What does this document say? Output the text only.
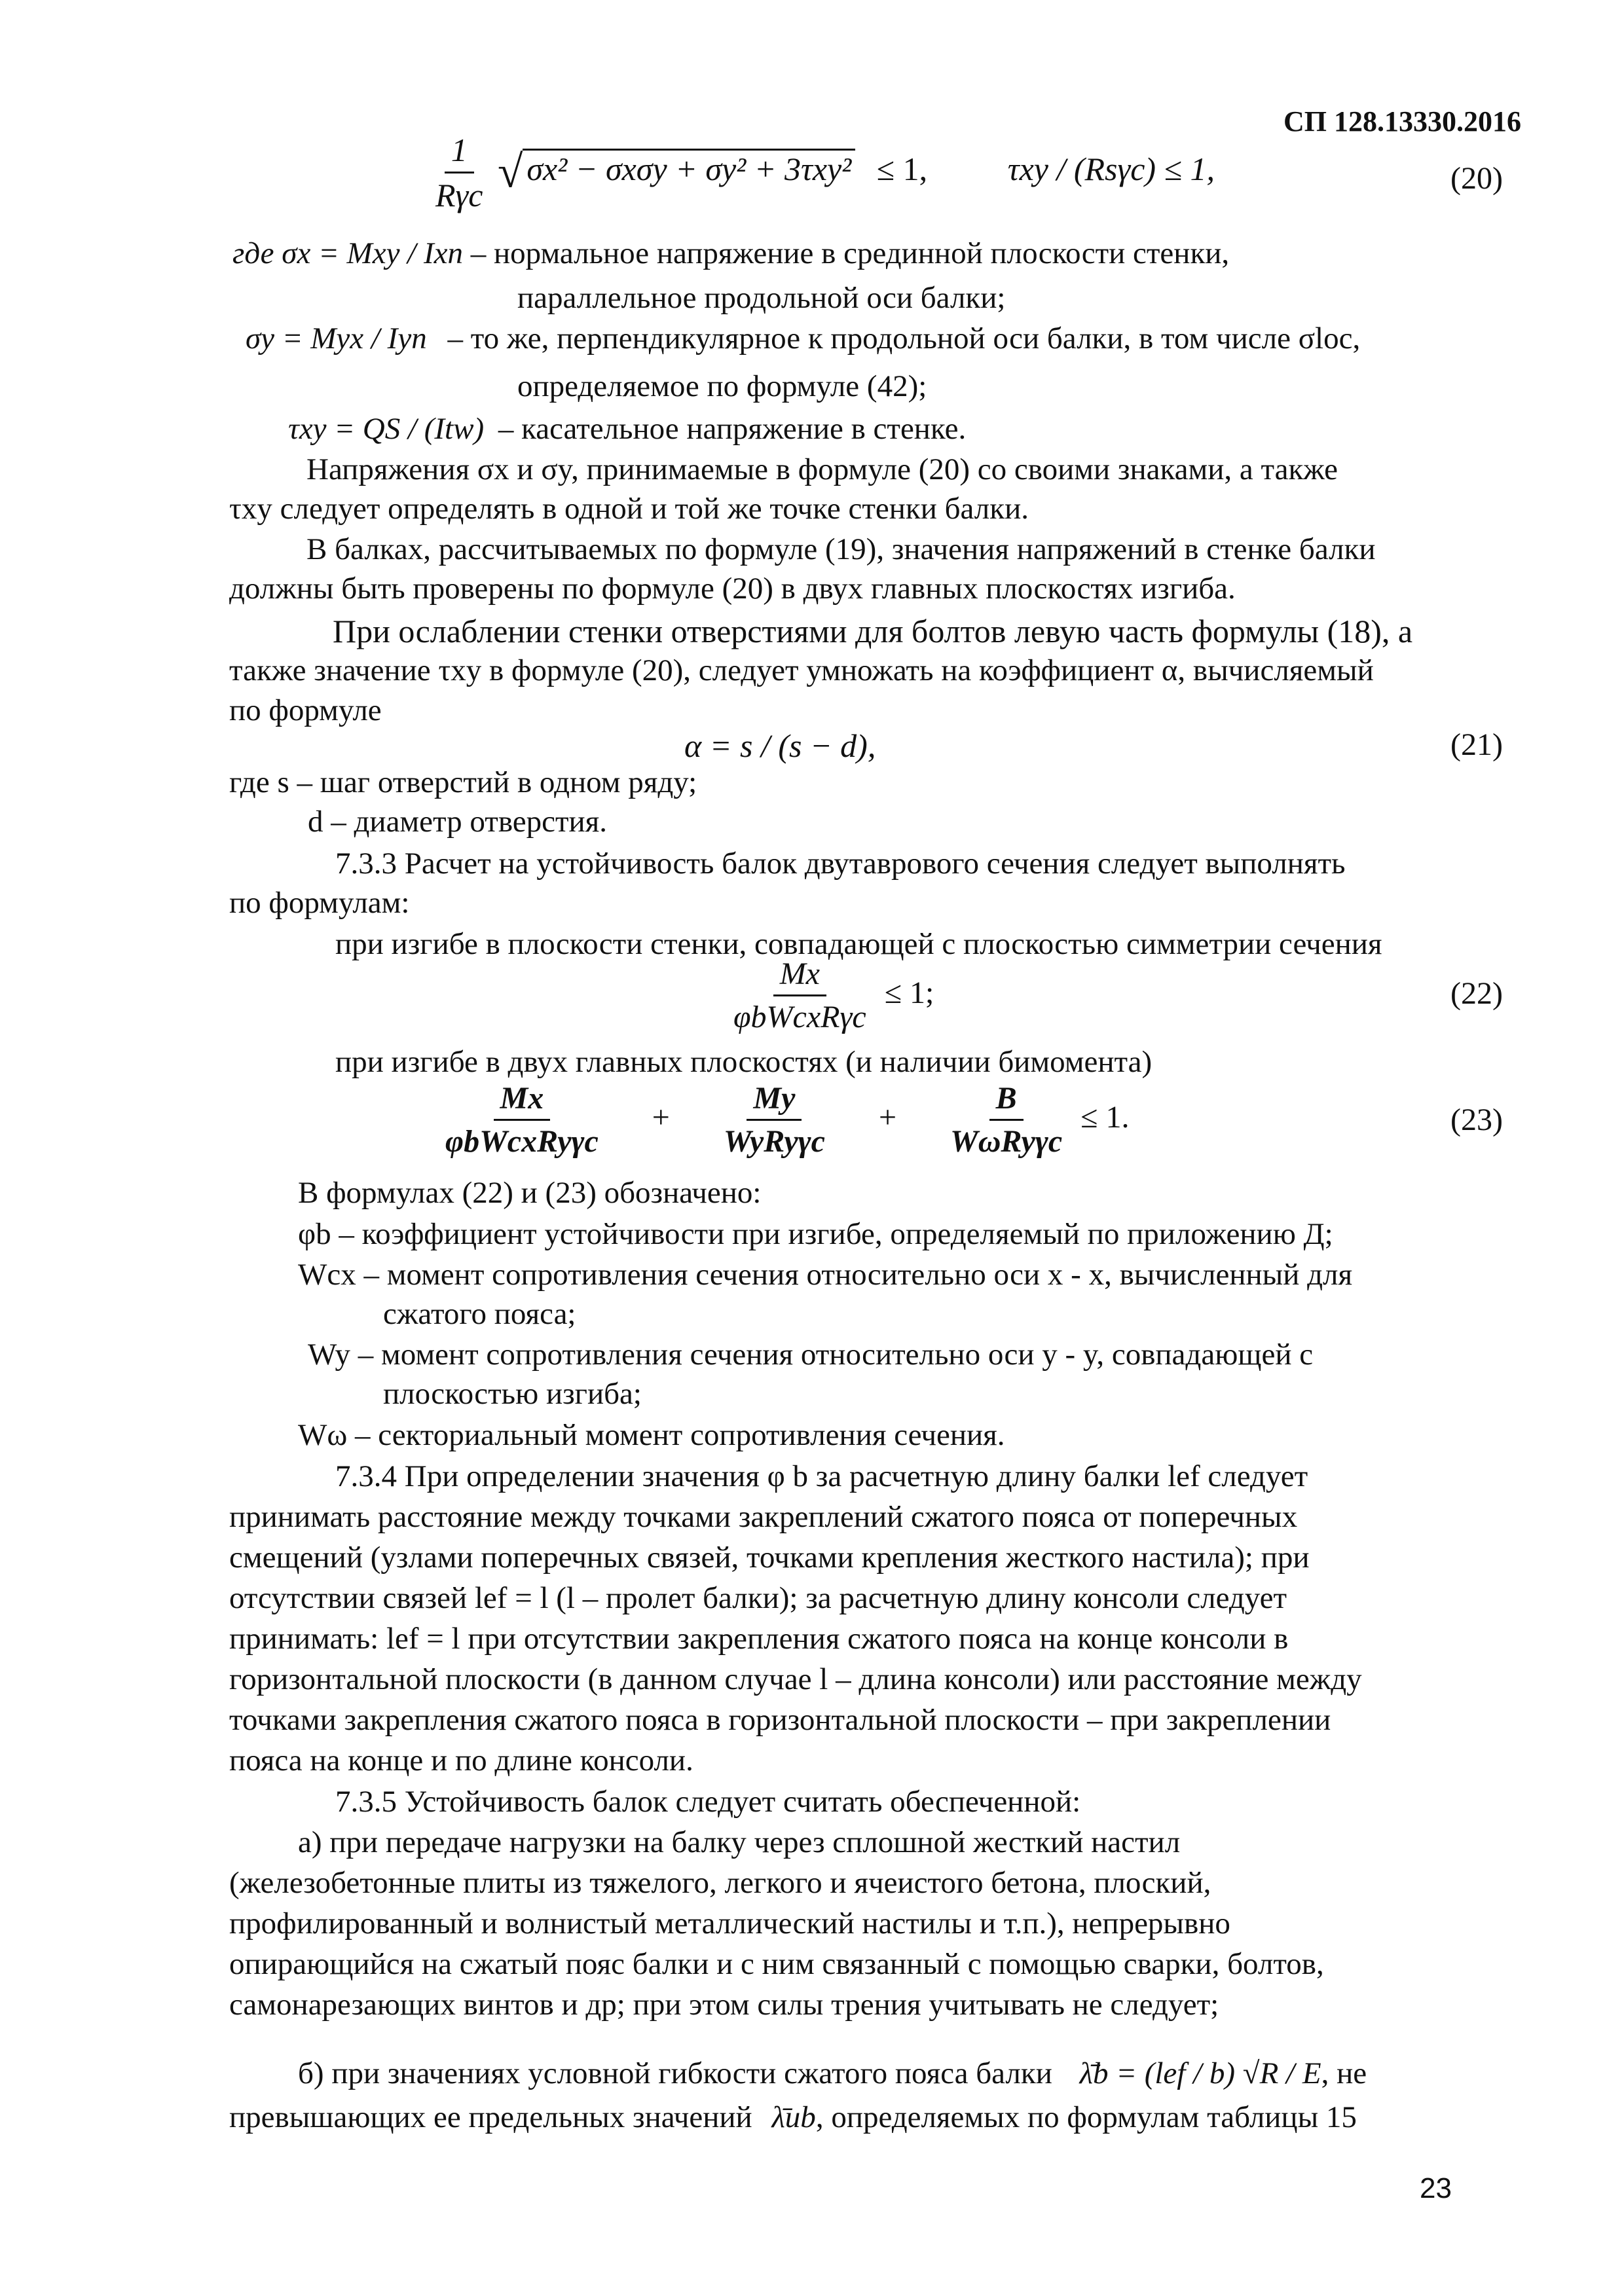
СП 128.13330.2016
$\frac{1}{\text{Rγc}}$ √ σx² − σxσy + σy² + 3τxy² ≤ 1, τxy / (Rsγc) ≤ 1,	(20)
где σx = Mxy / Ixn – нормальное напряжение в срединной плоскости стенки,
параллельное продольной оси балки;
σy = Myx / Iyn – то же, перпендикулярное к продольной оси балки, в том числе σloc,
определяемое по формуле (42);
τxy = QS / (Itw) – касательное напряжение в стенке.
Напряжения σx и σy, принимаемые в формуле (20) со своими знаками, а также
τxy следует определять в одной и той же точке стенки балки.
В балках, рассчитываемых по формуле (19), значения напряжений в стенке балки
должны быть проверены по формуле (20) в двух главных плоскостях изгиба.
При ослаблении стенки отверстиями для болтов левую часть формулы (18), а
также значение τxy в формуле (20), следует умножать на коэффициент α, вычисляемый
по формуле
α = s / (s − d),	(21)
где s – шаг отверстий в одном ряду;
d – диаметр отверстия.
7.3.3 Расчет на устойчивость балок двутаврового сечения следует выполнять
по формулам:
при изгибе в плоскости стенки, совпадающей с плоскостью симметрии сечения
$\frac{Mx}{\text{φbWcxRγc}} \le 1$;	(22)
при изгибе в двух главных плоскостях (и наличии бимомента)
$\frac{Mx}{\text{φbWcxRyγc}} + \frac{My}{\text{WyRyγc}} + \frac{B}{\text{WωRyγc}} \le 1$.	(23)
В формулах (22) и (23) обозначено:
φb – коэффициент устойчивости при изгибе, определяемый по приложению Д;
Wcx – момент сопротивления сечения относительно оси x - x, вычисленный для
сжатого пояса;
Wy – момент сопротивления сечения относительно оси y - y, совпадающей с
плоскостью изгиба;
Wω – секториальный момент сопротивления сечения.
7.3.4 При определении значения φ b за расчетную длину балки lef следует
принимать расстояние между точками закреплений сжатого пояса от поперечных
смещений (узлами поперечных связей, точками крепления жесткого настила); при
отсутствии связей lef = l (l – пролет балки); за расчетную длину консоли следует
принимать: lef = l при отсутствии закрепления сжатого пояса на конце консоли в
горизонтальной плоскости (в данном случае l – длина консоли) или расстояние между
точками закрепления сжатого пояса в горизонтальной плоскости – при закреплении
пояса на конце и по длине консоли.
7.3.5 Устойчивость балок следует считать обеспеченной:
а) при передаче нагрузки на балку через сплошной жесткий настил
(железобетонные плиты из тяжелого, легкого и ячеистого бетона, плоский,
профилированный и волнистый металлический настилы и т.п.), непрерывно
опирающийся на сжатый пояс балки и с ним связанный с помощью сварки, болтов,
самонарезающих винтов и др; при этом силы трения учитывать не следует;
б) при значениях условной гибкости сжатого пояса балки λ̄b = (lef / b) √R / E, не
превышающих ее предельных значений λ̄ub, определяемых по формулам таблицы 15
23
